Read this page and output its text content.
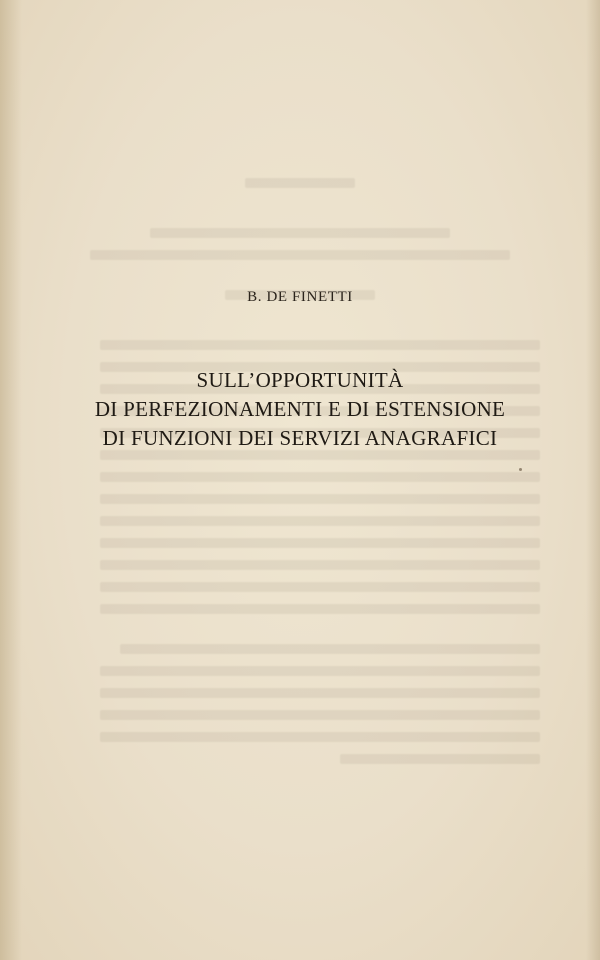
B. DE FINETTI
SULL’OPPORTUNITÀ
DI PERFEZIONAMENTI E DI ESTENSIONE
DI FUNZIONI DEI SERVIZI ANAGRAFICI
